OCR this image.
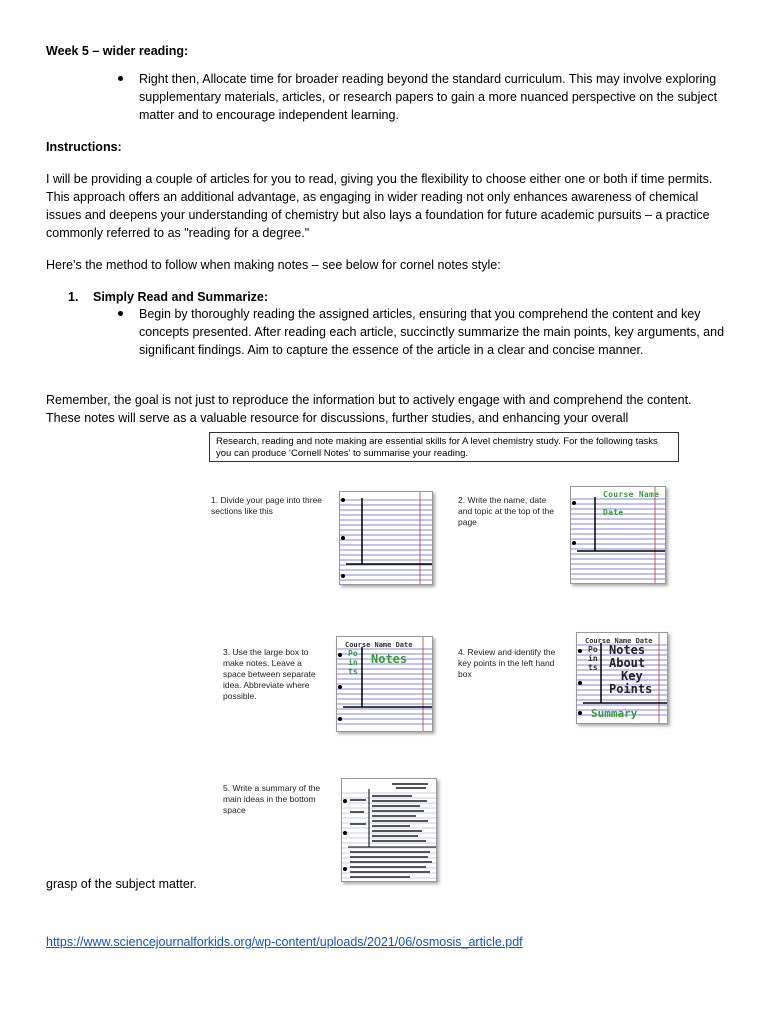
Week 5 – wider reading:
Right then, Allocate time for broader reading beyond the standard curriculum. This may involve exploring supplementary materials, articles, or research papers to gain a more nuanced perspective on the subject matter and to encourage independent learning.
Instructions:
I will be providing a couple of articles for you to read, giving you the flexibility to choose either one or both if time permits. This approach offers an additional advantage, as engaging in wider reading not only enhances awareness of chemical issues and deepens your understanding of chemistry but also lays a foundation for future academic pursuits – a practice commonly referred to as "reading for a degree."
Here's the method to follow when making notes – see below for cornel notes style:
1. Simply Read and Summarize:
Begin by thoroughly reading the assigned articles, ensuring that you comprehend the content and key concepts presented. After reading each article, succinctly summarize the main points, key arguments, and significant findings. Aim to capture the essence of the article in a clear and concise manner.
Remember, the goal is not just to reproduce the information but to actively engage with and comprehend the content. These notes will serve as a valuable resource for discussions, further studies, and enhancing your overall
Research, reading and note making are essential skills for A level chemistry study. For the following tasks you can produce ‘Cornell Notes’ to summarise your reading.
1. Divide your page into three sections like this
2. Write the name, date and topic at the top of the page
Course Name Date
3. Use the large box to make notes. Leave a space between separate idea. Abbreviate where possible.
Course Name Date
Notes
Points
4. Review and identify the key points in the left hand box
Course Name Date
Points
Notes
About
Key
Points
Summary
5. Write a summary of the main ideas in the bottom space
grasp of the subject matter.
https://www.sciencejournalforkids.org/wp-content/uploads/2021/06/osmosis_article.pdf
